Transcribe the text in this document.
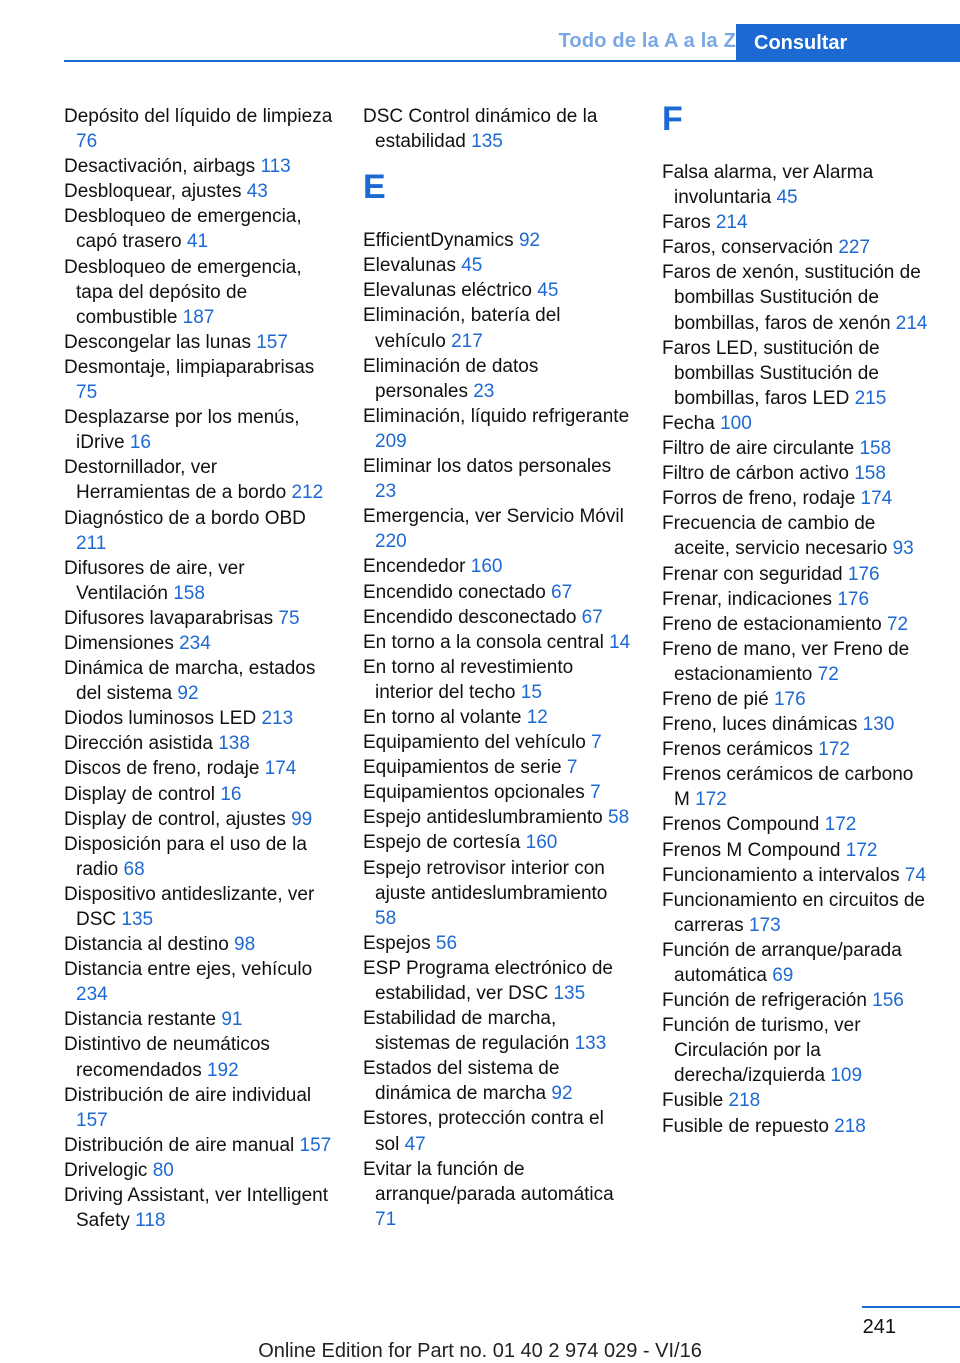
Todo de la A a la Z Consultar
Depósito del líquido de limpieza 76
Desactivación, airbags 113
Desbloquear, ajustes 43
Desbloqueo de emergencia, capó trasero 41
Desbloqueo de emergencia, tapa del depósito de combustible 187
Descongelar las lunas 157
Desmontaje, limpiaparabrisas 75
Desplazarse por los menús, iDrive 16
Destornillador, ver Herramientas de a bordo 212
Diagnóstico de a bordo OBD 211
Difusores de aire, ver Ventilación 158
Difusores lavaparabrisas 75
Dimensiones 234
Dinámica de marcha, estados del sistema 92
Diodos luminosos LED 213
Dirección asistida 138
Discos de freno, rodaje 174
Display de control 16
Display de control, ajustes 99
Disposición para el uso de la radio 68
Dispositivo antideslizante, ver DSC 135
Distancia al destino 98
Distancia entre ejes, vehículo 234
Distancia restante 91
Distintivo de neumáticos recomendados 192
Distribución de aire individual 157
Distribución de aire manual 157
Drivelogic 80
Driving Assistant, ver Intelligent Safety 118
DSC Control dinámico de la estabilidad 135
E
EfficientDynamics 92
Elevalunas 45
Elevalunas eléctrico 45
Eliminación, batería del vehículo 217
Eliminación de datos personales 23
Eliminación, líquido refrigerante 209
Eliminar los datos personales 23
Emergencia, ver Servicio Móvil 220
Encendedor 160
Encendido conectado 67
Encendido desconectado 67
En torno a la consola central 14
En torno al revestimiento interior del techo 15
En torno al volante 12
Equipamiento del vehículo 7
Equipamientos de serie 7
Equipamientos opcionales 7
Espejo antideslumbramiento 58
Espejo de cortesía 160
Espejo retrovisor interior con ajuste antideslumbramiento 58
Espejos 56
ESP Programa electrónico de estabilidad, ver DSC 135
Estabilidad de marcha, sistemas de regulación 133
Estados del sistema de dinámica de marcha 92
Estores, protección contra el sol 47
Evitar la función de arranque/parada automática 71
F
Falsa alarma, ver Alarma involuntaria 45
Faros 214
Faros, conservación 227
Faros de xenón, sustitución de bombillas Sustitución de bombillas, faros de xenón 214
Faros LED, sustitución de bombillas Sustitución de bombillas, faros LED 215
Fecha 100
Filtro de aire circulante 158
Filtro de cárbon activo 158
Forros de freno, rodaje 174
Frecuencia de cambio de aceite, servicio necesario 93
Frenar con seguridad 176
Frenar, indicaciones 176
Freno de estacionamiento 72
Freno de mano, ver Freno de estacionamiento 72
Freno de pié 176
Freno, luces dinámicas 130
Frenos cerámicos 172
Frenos cerámicos de carbono M 172
Frenos Compound 172
Frenos M Compound 172
Funcionamiento a intervalos 74
Funcionamiento en circuitos de carreras 173
Función de arranque/parada automática 69
Función de refrigeración 156
Función de turismo, ver Circulación por la derecha/izquierda 109
Fusible 218
Fusible de repuesto 218
241
Online Edition for Part no. 01 40 2 974 029 - VI/16
